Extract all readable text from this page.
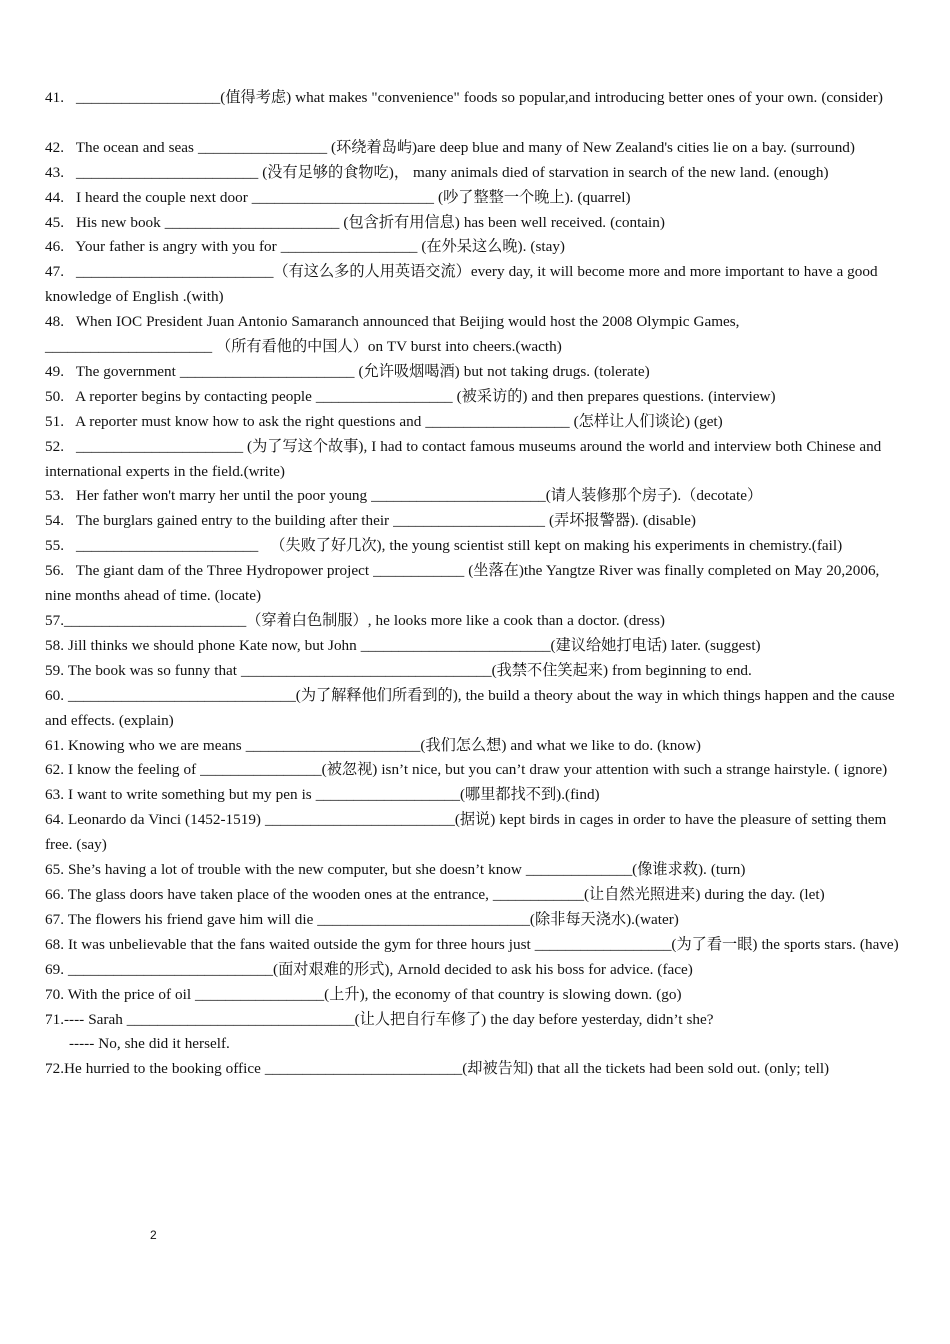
41.   ___________________(值得考虑) what makes "convenience" foods so popular,and introducing better ones of your own. (consider)

42.   The ocean and seas _________________ (环绕着岛屿)are deep blue and many of New Zealand's cities lie on a bay. (surround)

43.   ________________________ (没有足够的食物吃)， many animals died of starvation in search of the new land. (enough)

44.   I heard the couple next door ________________________ (吵了整整一个晚上). (quarrel)

45.   His new book _______________________ (包含折有用信息) has been well received. (contain)

46.   Your father is angry with you for __________________ (在外呆这么晚). (stay)

47.   __________________________（有这么多的人用英语交流）every day, it will become more and more important to have a good knowledge of English .(with)

48.   When IOC President Juan Antonio Samaranch announced that Beijing would host the 2008 Olympic Games, ______________________ （所有看他的中国人）on TV burst into cheers.(wacth)

49.   The government _______________________ (允许吸烟喝酒) but not taking drugs. (tolerate)

50.   A reporter begins by contacting people __________________ (被采访的) and then prepares questions. (interview)

51.   A reporter must know how to ask the right questions and ___________________ (怎样让人们谈论) (get)

52.   ______________________ (为了写这个故事), I had to contact famous museums around the world and interview both Chinese and international experts in the field.(write)

53.   Her father won't marry her until the poor young _______________________(请人装修那个房子).（decotate）

54.   The burglars gained entry to the building after their ____________________ (弄坏报警器). (disable)

55.   ________________________   （失败了好几次), the young scientist still kept on making his experiments in chemistry.(fail)

56.   The giant dam of the Three Hydropower project ____________ (坐落在)the Yangtze River was finally completed on May 20,2006, nine months ahead of time. (locate)

57.________________________（穿着白色制服）, he looks more like a cook than a doctor. (dress)

58. Jill thinks we should phone Kate now, but John _________________________(建议给她打电话) later. (suggest)

59. The book was so funny that _________________________________(我禁不住笑起来) from beginning to end.

60. ______________________________(为了解释他们所看到的), the build a theory about the way in which things happen and the cause and effects. (explain)

61. Knowing who we are means _______________________(我们怎么想) and what we like to do. (know)

62. I know the feeling of ________________(被忽视) isn’t nice, but you can’t draw your attention with such a strange hairstyle. ( ignore)

63. I want to write something but my pen is ___________________(哪里都找不到).(find)

64. Leonardo da Vinci (1452-1519) _________________________(据说) kept birds in cages in order to have the pleasure of setting them free. (say)

65. She’s having a lot of trouble with the new computer, but she doesn’t know ______________(像谁求救). (turn)

66. The glass doors have taken place of the wooden ones at the entrance, ____________(让自然光照进来) during the day. (let)

67. The flowers his friend gave him will die ____________________________(除非每天浇水).(water)

68. It was unbelievable that the fans waited outside the gym for three hours just __________________(为了看一眼) the sports stars. (have)

69. ___________________________(面对艰难的形式), Arnold decided to ask his boss for advice. (face)

70. With the price of oil _________________(上升), the economy of that country is slowing down. (go)

71.---- Sarah ______________________________(让人把自行车修了) the day before yesterday, didn’t she?
----- No, she did it herself.

72.He hurried to the booking office __________________________(却被告知) that all the tickets had been sold out. (only; tell)

2
